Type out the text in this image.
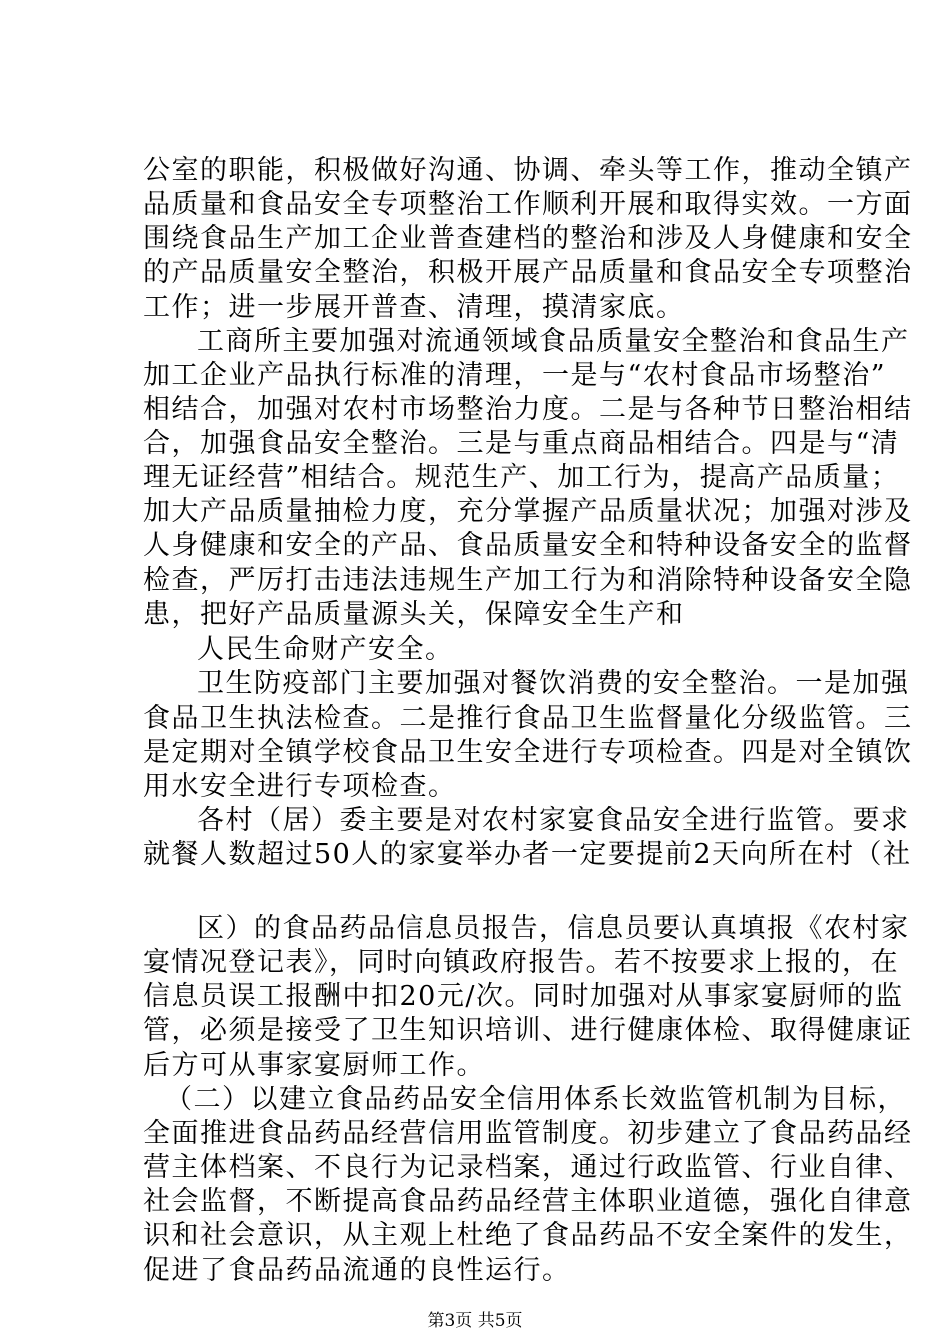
公室的职能，积极做好沟通、协调、牵头等工作，推动全镇产

品质量和食品安全专项整治工作顺利开展和取得实效。一方面

围绕食品生产加工企业普查建档的整治和涉及人身健康和安全

的产品质量安全整治，积极开展产品质量和食品安全专项整治

工作；进一步展开普查、清理，摸清家底。

工商所主要加强对流通领域食品质量安全整治和食品生产

加工企业产品执行标准的清理，一是与“农村食品市场整治”

相结合，加强对农村市场整治力度。二是与各种节日整治相结

合，加强食品安全整治。三是与重点商品相结合。四是与“清

理无证经营”相结合。规范生产、加工行为，提高产品质量；

加大产品质量抽检力度，充分掌握产品质量状况；加强对涉及

人身健康和安全的产品、食品质量安全和特种设备安全的监督

检查，严厉打击违法违规生产加工行为和消除特种设备安全隐

患，把好产品质量源头关，保障安全生产和

人民生命财产安全。

卫生防疫部门主要加强对餐饮消费的安全整治。一是加强

食品卫生执法检查。二是推行食品卫生监督量化分级监管。三

是定期对全镇学校食品卫生安全进行专项检查。四是对全镇饮

用水安全进行专项检查。

各村（居）委主要是对农村家宴食品安全进行监管。要求

就餐人数超过50人的家宴举办者一定要提前2天向所在村（社

区）的食品药品信息员报告，信息员要认真填报《农村家

宴情况登记表》，同时向镇政府报告。若不按要求上报的，在

信息员误工报酬中扣20元/次。同时加强对从事家宴厨师的监

管，必须是接受了卫生知识培训、进行健康体检、取得健康证

后方可从事家宴厨师工作。

（二）以建立食品药品安全信用体系长效监管机制为目标，

全面推进食品药品经营信用监管制度。初步建立了食品药品经

营主体档案、不良行为记录档案，通过行政监管、行业自律、

社会监督，不断提高食品药品经营主体职业道德，强化自律意

识和社会意识，从主观上杜绝了食品药品不安全案件的发生，

促进了食品药品流通的良性运行。

第3页 共5页
